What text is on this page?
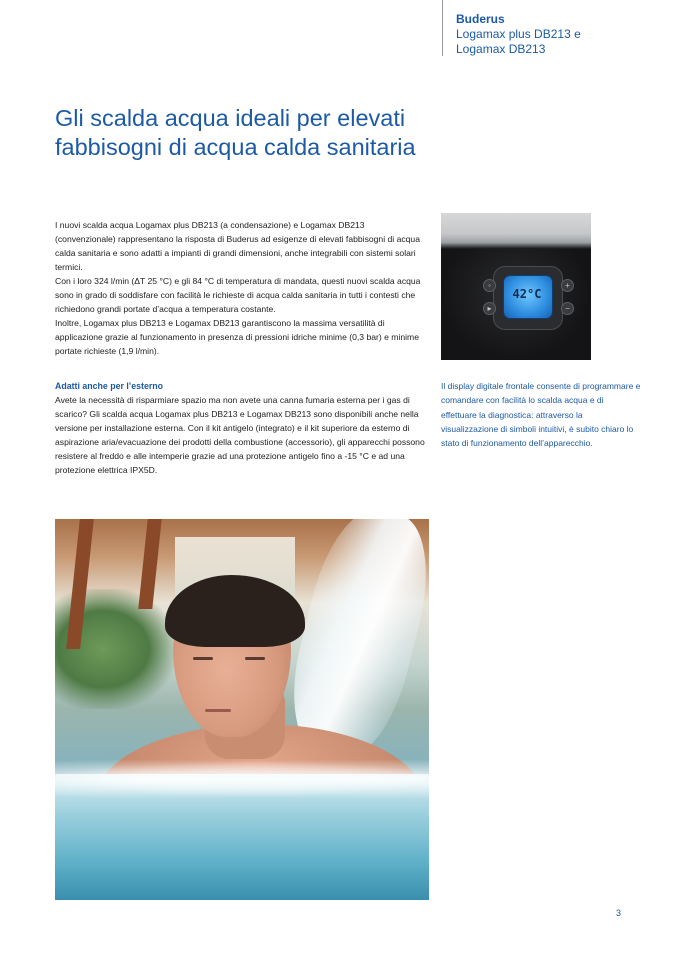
Buderus
Logamax plus DB213 e
Logamax DB213
Gli scalda acqua ideali per elevati
fabbisogni di acqua calda sanitaria

I nuovi scalda acqua Logamax plus DB213 (a condensazione) e Logamax DB213 (convenzionale) rappresentano la risposta di Buderus ad esigenze di elevati fabbisogni di acqua calda sanitaria e sono adatti a impianti di grandi dimensioni, anche integrabili con sistemi solari termici.

Con i loro 324 l/min (ΔT 25 °C) e gli 84 °C di temperatura di mandata, questi nuovi scalda acqua sono in grado di soddisfare con facilità le richieste di acqua calda sanitaria in tutti i contesti che richiedono grandi portate d’acqua a temperatura costante.

Inoltre, Logamax plus DB213 e Logamax DB213 garantiscono la massima versatilità di applicazione grazie al funzionamento in presenza di pressioni idriche minime (0,3 bar) e minime portate richieste (1,9 l/min).

Adatti anche per l’esterno

Avete la necessità di risparmiare spazio ma non avete una canna fumaria esterna per i gas di scarico? Gli scalda acqua Logamax plus DB213 e Logamax DB213 sono disponibili anche nella versione per installazione esterna. Con il kit antigelo (integrato) e il kit superiore da esterno di aspirazione aria/evacuazione dei prodotti della combustione (accessorio), gli apparecchi possono resistere al freddo e alle intemperie grazie ad una protezione antigelo fino a -15 °C e ad una protezione elettrica IPX5D.

42°C
◦
▸
+
−

Il display digitale frontale consente di programmare e comandare con facilità lo scalda acqua e di effettuare la diagnostica: attraverso la visualizzazione di simboli intuitivi, è subito chiaro lo stato di funzionamento dell’apparecchio.

3
